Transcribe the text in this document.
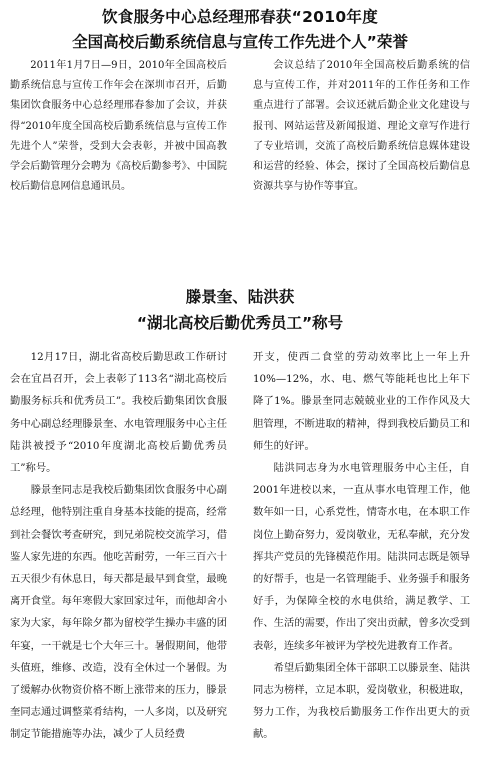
饮食服务中心总经理邢春获“2010年度
全国高校后勤系统信息与宣传工作先进个人”荣誉

2011年1月7日—9日，2010年全国高校后勤系统信息与宣传工作年会在深圳市召开，后勤集团饮食服务中心总经理邢春参加了会议，并获得“2010年度全国高校后勤系统信息与宣传工作先进个人”荣誉，受到大会表彰，并被中国高教学会后勤管理分会聘为《高校后勤参考》、中国院校后勤信息网信息通讯员。

会议总结了2010年全国高校后勤系统的信息与宣传工作，并对2011年的工作任务和工作重点进行了部署。会议还就后勤企业文化建设与报刊、网站运营及新闻报道、理论文章写作进行了专业培训，交流了高校后勤系统信息媒体建设和运营的经验、体会，探讨了全国高校后勤信息资源共享与协作等事宜。

滕景奎、陆洪获
“湖北高校后勤优秀员工”称号

12月17日，湖北省高校后勤思政工作研讨会在宜昌召开，会上表彰了113名“湖北高校后勤服务标兵和优秀员工”。我校后勤集团饮食服务中心副总经理滕景奎、水电管理服务中心主任陆洪被授予“2010年度湖北高校后勤优秀员工”称号。

滕景奎同志是我校后勤集团饮食服务中心副总经理，他特别注重自身基本技能的提高，经常到社会餐饮考查研究，到兄弟院校交流学习，借鉴人家先进的东西。他吃苦耐劳，一年三百六十五天很少有休息日，每天都是最早到食堂，最晚离开食堂。每年寒假大家回家过年，而他却舍小家为大家，每年除夕都为留校学生操办丰盛的团年宴，一干就是七个大年三十。暑假期间，他带头值班，维修、改造，没有全休过一个暑假。为了缓解办伙物资价格不断上涨带来的压力，滕景奎同志通过调整菜肴结构，一人多岗，以及研究制定节能措施等办法，减少了人员经费

开支，使西二食堂的劳动效率比上一年上升10%—12%，水、电、燃气等能耗也比上年下降了1%。滕景奎同志兢兢业业的工作作风及大胆管理，不断进取的精神，得到我校后勤员工和师生的好评。

陆洪同志身为水电管理服务中心主任，自2001年进校以来，一直从事水电管理工作，他数年如一日，心系党性，情寄水电，在本职工作岗位上勤奋努力，爱岗敬业，无私奉献，充分发挥共产党员的先锋模范作用。陆洪同志既是领导的好帮手，也是一名管理能手、业务强手和服务好手，为保障全校的水电供给，满足教学、工作、生活的需要，作出了突出贡献，曾多次受到表彰，连续多年被评为学校先进教育工作者。

希望后勤集团全体干部职工以滕景奎、陆洪同志为榜样，立足本职，爱岗敬业，积极进取，努力工作，为我校后勤服务工作作出更大的贡献。
